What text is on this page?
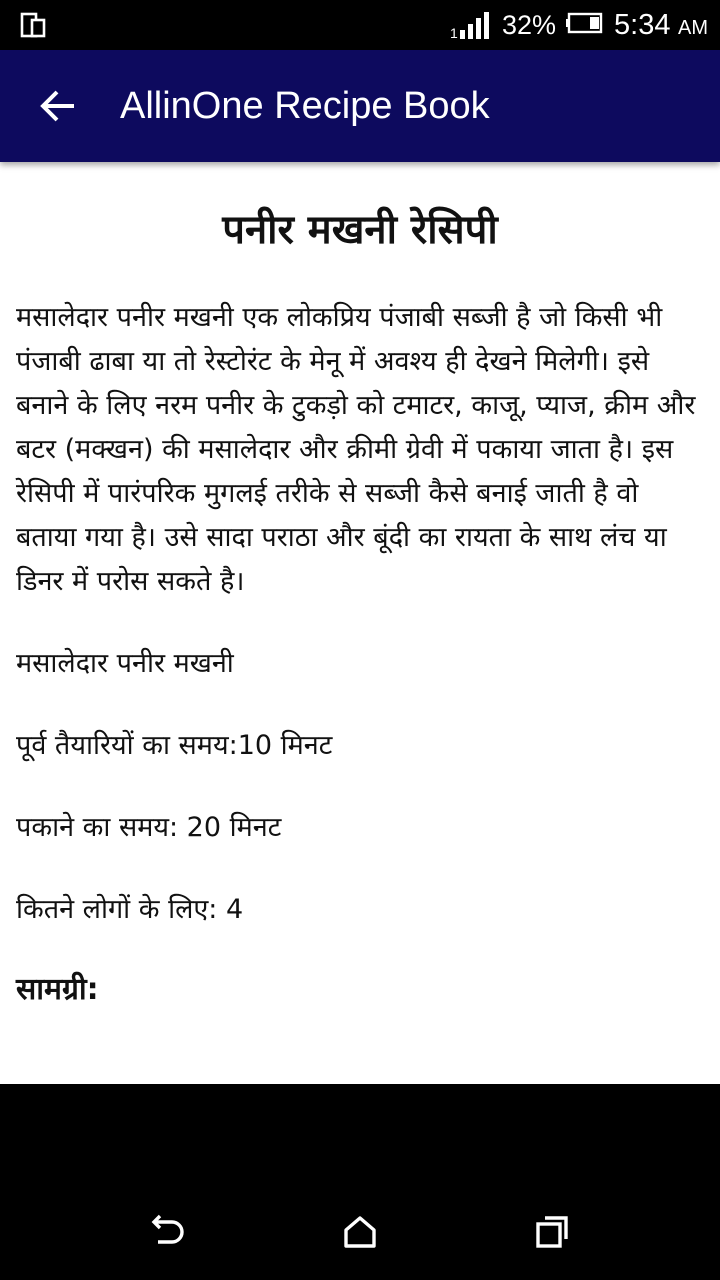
1 32% 5:34 AM
AllinOne Recipe Book
पनीर मखनी रेसिपी
मसालेदार पनीर मखनी एक लोकप्रिय पंजाबी सब्जी है जो किसी भी पंजाबी ढाबा या तो रेस्टोरंट के मेनू में अवश्य ही देखने मिलेगी। इसे बनाने के लिए नरम पनीर के टुकड़ो को टमाटर, काजू, प्याज, क्रीम और बटर (मक्खन) की मसालेदार और क्रीमी ग्रेवी में पकाया जाता है। इस रेसिपी में पारंपरिक मुगलई तरीके से सब्जी कैसे बनाई जाती है वो बताया गया है। उसे सादा पराठा और बूंदी का रायता के साथ लंच या डिनर में परोस सकते है।
मसालेदार पनीर मखनी
पूर्व तैयारियों का समय:10 मिनट
पकाने का समय: 20 मिनट
कितने लोगों के लिए: 4
सामग्री:
